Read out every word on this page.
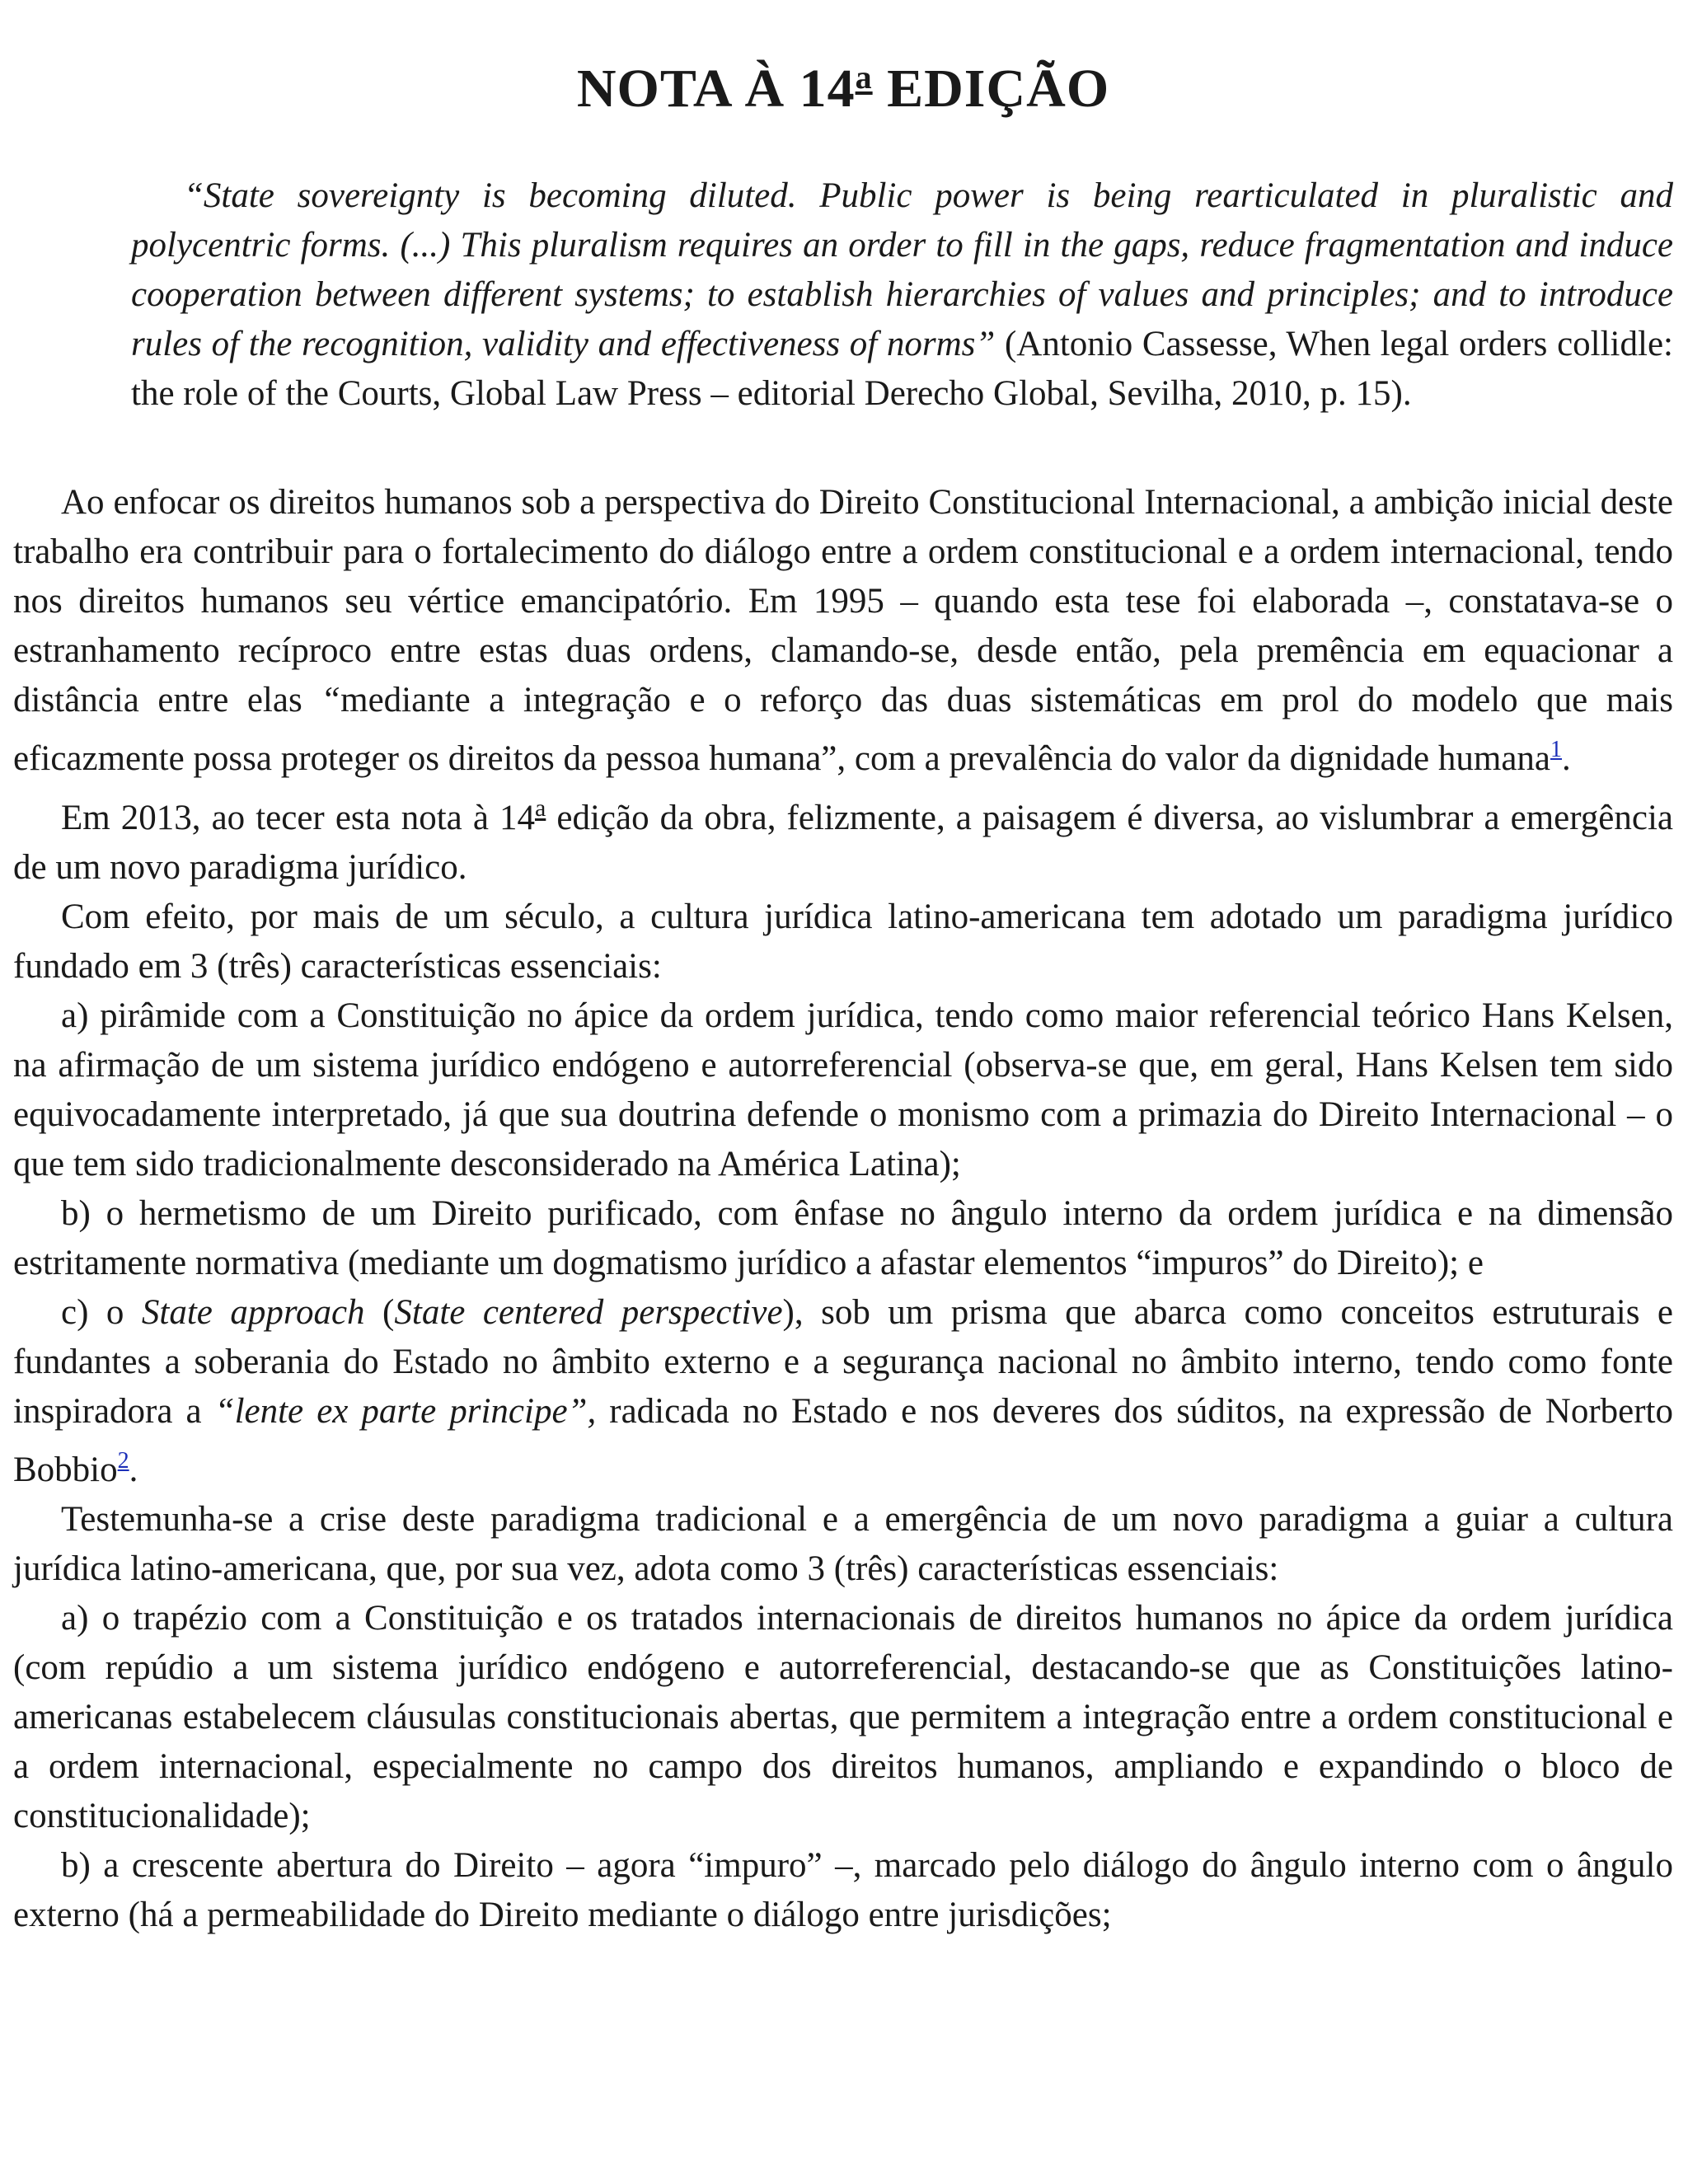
NOTA À 14$^a$ EDIÇÃO

“State sovereignty is becoming diluted. Public power is being rearticulated in pluralistic and polycentric forms. (...) This pluralism requires an order to fill in the gaps, reduce fragmentation and induce cooperation between different systems; to establish hierarchies of values and principles; and to introduce rules of the recognition, validity and effectiveness of norms” (Antonio Cassesse, When legal orders collidle: the role of the Courts, Global Law Press – editorial Derecho Global, Sevilha, 2010, p. 15).

Ao enfocar os direitos humanos sob a perspectiva do Direito Constitucional Internacional, a ambição inicial deste trabalho era contribuir para o fortalecimento do diálogo entre a ordem constitucional e a ordem internacional, tendo nos direitos humanos seu vértice emancipatório. Em 1995 – quando esta tese foi elaborada –, constatava-se o estranhamento recíproco entre estas duas ordens, clamando-se, desde então, pela premência em equacionar a distância entre elas “mediante a integração e o reforço das duas sistemáticas em prol do modelo que mais eficazmente possa proteger os direitos da pessoa humana”, com a prevalência do valor da dignidade humana$^1$.

Em 2013, ao tecer esta nota à 14$^a$ edição da obra, felizmente, a paisagem é diversa, ao vislumbrar a emergência de um novo paradigma jurídico.

Com efeito, por mais de um século, a cultura jurídica latino-americana tem adotado um paradigma jurídico fundado em 3 (três) características essenciais:

a) pirâmide com a Constituição no ápice da ordem jurídica, tendo como maior referencial teórico Hans Kelsen, na afirmação de um sistema jurídico endógeno e autorreferencial (observa-se que, em geral, Hans Kelsen tem sido equivocadamente interpretado, já que sua doutrina defende o monismo com a primazia do Direito Internacional – o que tem sido tradicionalmente desconsiderado na América Latina);

b) o hermetismo de um Direito purificado, com ênfase no ângulo interno da ordem jurídica e na dimensão estritamente normativa (mediante um dogmatismo jurídico a afastar elementos “impuros” do Direito); e

c) o State approach (State centered perspective), sob um prisma que abarca como conceitos estruturais e fundantes a soberania do Estado no âmbito externo e a segurança nacional no âmbito interno, tendo como fonte inspiradora a “lente ex parte principe”, radicada no Estado e nos deveres dos súditos, na expressão de Norberto Bobbio$^2$.

Testemunha-se a crise deste paradigma tradicional e a emergência de um novo paradigma a guiar a cultura jurídica latino-americana, que, por sua vez, adota como 3 (três) características essenciais:

a) o trapézio com a Constituição e os tratados internacionais de direitos humanos no ápice da ordem jurídica (com repúdio a um sistema jurídico endógeno e autorreferencial, destacando-se que as Constituições latino-americanas estabelecem cláusulas constitucionais abertas, que permitem a integração entre a ordem constitucional e a ordem internacional, especialmente no campo dos direitos humanos, ampliando e expandindo o bloco de constitucionalidade);

b) a crescente abertura do Direito – agora “impuro” –, marcado pelo diálogo do ângulo interno com o ângulo externo (há a permeabilidade do Direito mediante o diálogo entre jurisdições;
